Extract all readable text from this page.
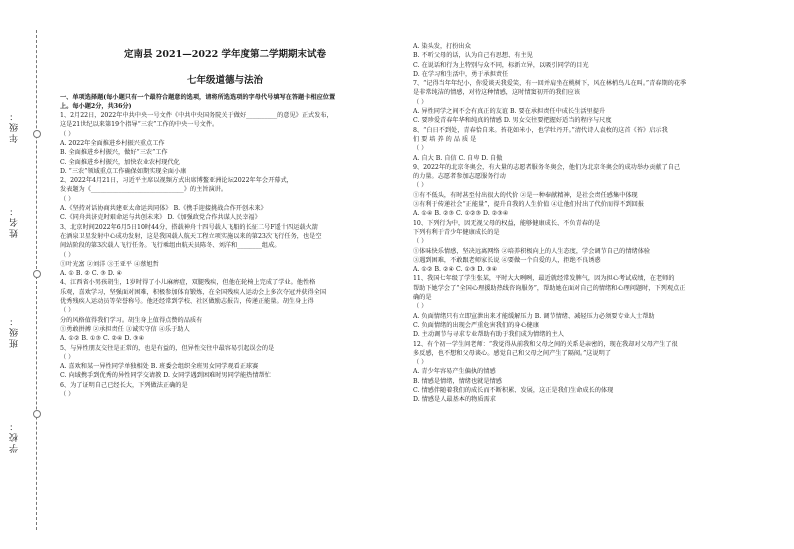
年级：
姓名：
班级：
学校：
定南县 2021—2022 学年度第二学期期末试卷
七年级道德与法治
一、单项选择题(每小题只有一个最符合题意的选项，请将所选选项的字母代号填写在答题卡相应位置
上。每小题2分，共36分)
1、2月22日，2022年中共中央一号文件《中共中央国务院关于做好__________的意见》正式发布，
这是21世纪以来第19个指导“三农”工作的中央一号文件。
（ ）
A. 2022年全面推进乡村振兴重点工作
B. 全面推进乡村振兴，做好“三农”工作
C. 全面推进乡村振兴，加快农业农村现代化
D. “三农”领域重点工作确保如期实现全面小康
2、2022年4月21日，习近平主席以视频方式出席博鳌亚洲论坛2022年年会开幕式，
发表题为《______________________________》的主旨演讲。
（ ）
A.《坚持对话协商共建亚太命运共同体》 B.《携手迎接挑战合作开创未来》
C.《同舟共济克时艰命运与共创未来》 D.《加强政党合作共谋人民幸福》
3、北京时间2022年6月5日10时44分，搭载神舟十四号载人飞船的长征二号F遥十四运载火箭
在酒泉卫星发射中心成功发射，这是我国载人航天工程立项实施以来的第23次飞行任务，也是空
间站阶段的第3次载人飞行任务。飞行乘组由航天员陈冬、刘洋和________组成。
（ ）
①叶光富 ②刘洋 ③王亚平 ④蔡旭哲
A. ① B. ② C. ③ D. ④
4、江西省小男孩胡生，1岁时得了小儿麻痹症，双腿残疾，但他在轮椅上完成了学业。他性格
乐观，喜欢学习，坚强面对困难，积极参加体育锻炼，在全国残疾人运动会上多次夺冠并获得全国
优秀残疾人运动员等荣誉称号。他还经常到学校、社区做励志报告，传递正能量。胡生身上得
（ ）
分的风格值得我们学习。胡生身上值得点赞的品质有
①勇敢拼搏 ②承担责任 ③诚实守信 ④乐于助人
A. ①② B. ①③ C. ②④ D. ③④
5、与异性朋友交往是正常的，也是有益的，但异性交往中最容易引起误会的是
（ ）
A. 喜欢和某一异性同学单独相处 B. 班委会组织全班男女同学观看正球赛
C. 向域携手到优秀的异性同学交请教 D. 女同学遇到困难时男同学能热情帮忙
6、为了证明自己已经长大，下列做法正确的是
（ ）
A. 染头发，打扮出众
B. 不听父母的话，认为自己有思想、有主见
C. 在说话和行为上特别与众不同，标新立异，以吸引同学的目光
D. 在学习和生活中，勇于承担责任
7、“记得当年年纪小，你爱谈天我爱笑，有一回并肩坐在桃树下，风在林梢鸟儿在叫。”青春期的花季
是非常纯洁的情感，对待这种情感，这时情窦初开的我们应该
（ ）
A. 异性同学之间不会有真正的友谊 B. 要在承担责任中成长生活里提升
C. 要珍爱青春年华和纯真的情感 D. 男女交往要把握好适当的程序与尺度
8、“白日不到处，青春恰自来。苔花如米小，也学牡丹开。”清代诗人袁枚的这首《苔》启示我
们 要 培 养 的 品 质 是
（ ）
A. 自大 B. 自信 C. 自卑 D. 自傲
9、2022年的北京冬奥会，有大量的志愿者服务冬奥会，他们为北京冬奥会的成功举办贡献了自己
的力量。志愿者参加志愿服务行动
（ ）
①有不低头，有时甚至付出很大的代价 ②是一种奉献精神，是社会责任感集中体现
③有利于传递社会“正能量”，提升自我的人生价值 ④让他们付出了代价而得不到回报
A. ①④ B. ②③ C. ①②③ D. ②③④
10、下列行为中，因无视父母的权益，能够健康成长、不负青春的是
下列有利于青少年健康成长的是
（ ）
①体味快乐情感，坚决远离网络 ②培养积极向上的人生态度，学会调节自己的情绪体验
③遇到困难，不敢跟老师家长说 ④要做一个自爱的人，拒绝不良诱惑
A. ①② B. ②④ C. ①③ D. ③④
11、我国七年级了学生张某，平时大大咧咧，最近就经常发脾气，因为担心考试成绩，在老师的
帮助下她学会了“全国心理援助热线咨询服务”，帮助她在面对自己的情绪和心理问题时，下列观点正
确的是
（ ）
A. 负面情绪只有立即宣泄出来才能缓解压力 B. 调节情绪、减轻压力必须要专业人士帮助
C. 负面情绪的出现会严重危害我们的身心健康
D. 主动调节与寻求专业帮助有助于我们成为情绪的主人
12、有个初一学生问老师：“我觉得从前我和父母之间的关系是亲密的，现在我却对父母产生了很
多反感，也不想和父母谈心。感觉自己和父母之间产生了隔阂。”这说明了
（ ）
A. 青少年容易产生偏执的情感
B. 情感是情绪，情绪也就是情感
C. 情感伴随着我们的成长而不断积累、发展，这正是我们生命成长的体现
D. 情感是人最基本的物质需求
